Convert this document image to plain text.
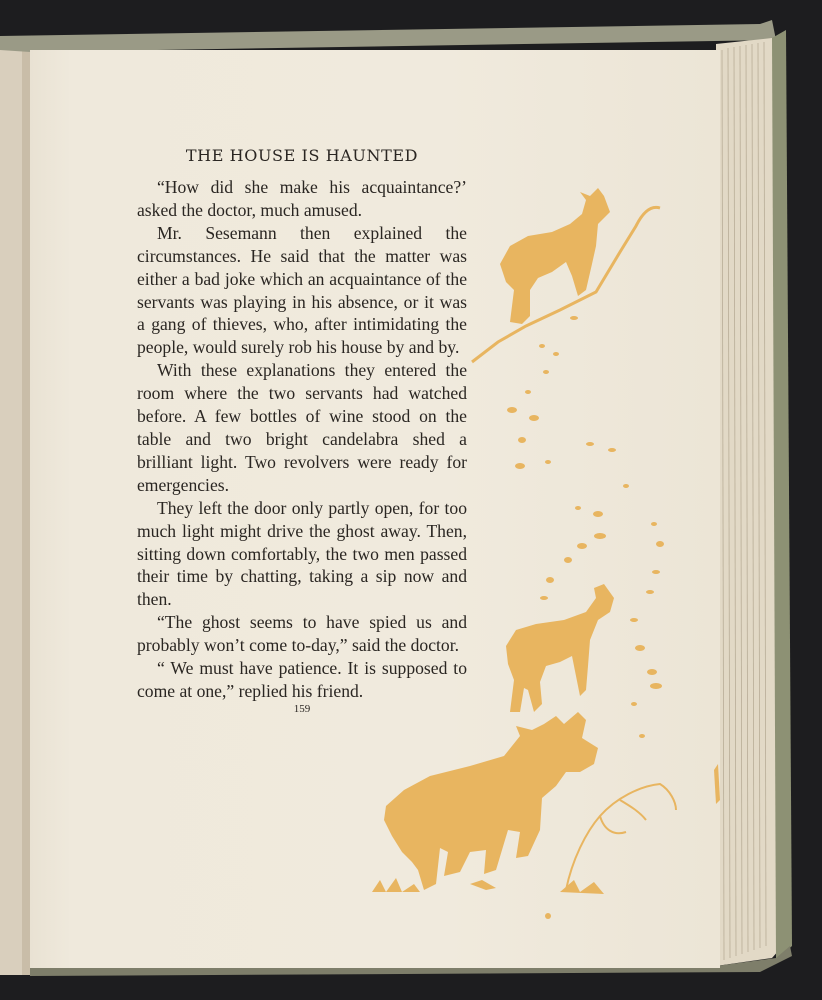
THE HOUSE IS HAUNTED

“How did she make his acquaintance?’ asked the doctor, much amused.

Mr. Sesemann then explained the circumstances. He said that the matter was either a bad joke which an acquaintance of the servants was playing in his absence, or it was a gang of thieves, who, after intimidating the people, would surely rob his house by and by.

With these explanations they entered the room where the two servants had watched before. A few bottles of wine stood on the table and two bright candelabra shed a brilliant light. Two revolvers were ready for emergencies.

They left the door only partly open, for too much light might drive the ghost away. Then, sitting down comfortably, the two men passed their time by chatting, taking a sip now and then.

“The ghost seems to have spied us and probably won’t come to-day,” said the doctor.

“ We must have patience. It is supposed to come at one,” replied his friend.

159
